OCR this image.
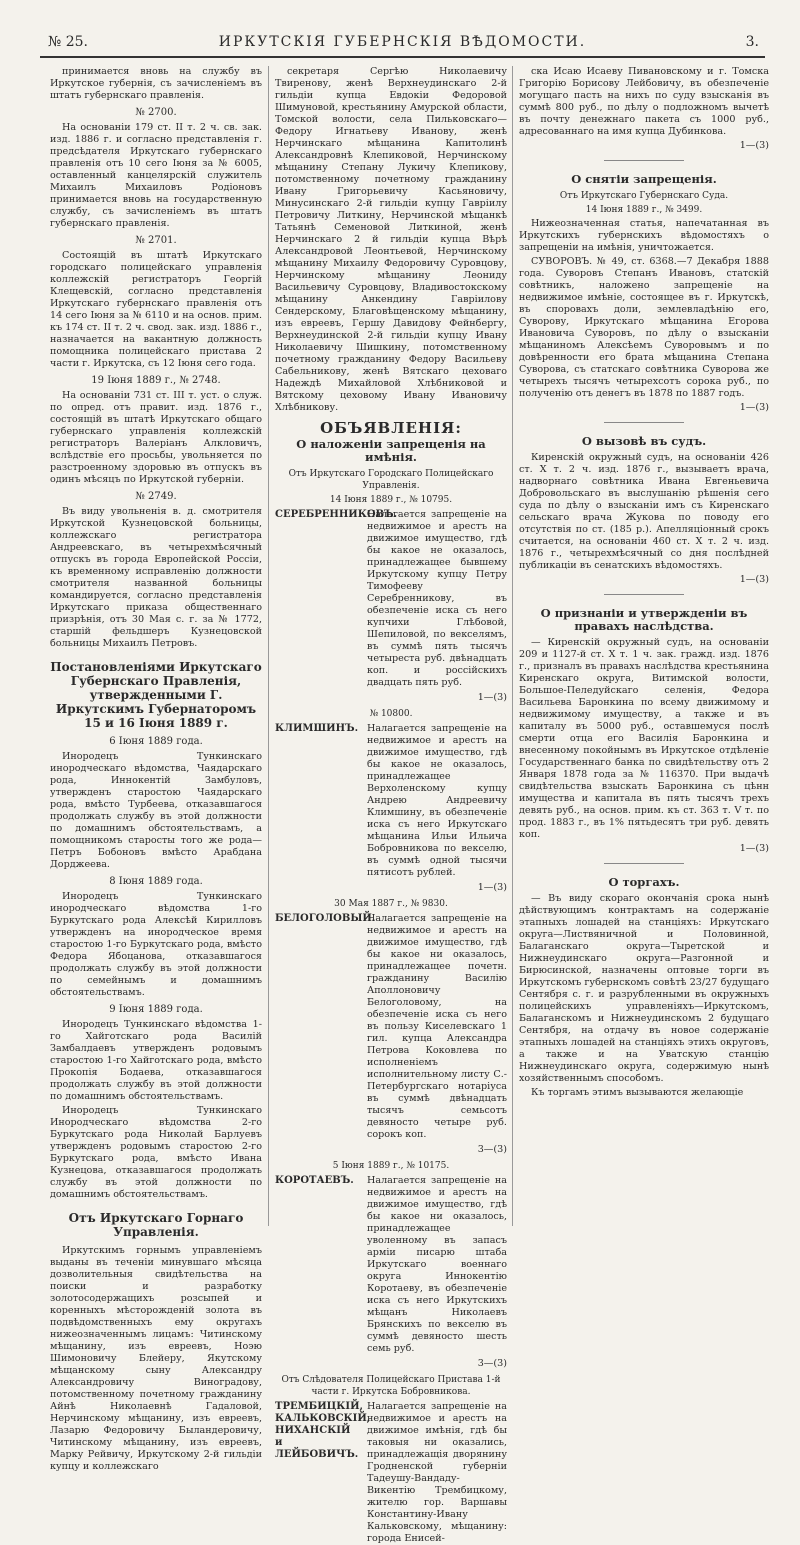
№ 25.	ИРКУТСКІЯ ГУБЕРНСКІЯ ВѢДОМОСТИ.	3.

принимается вновь на службу въ Иркутское губернiя, съ зачисленіемъ въ штатъ губернскаго правленія.

№ 2700.

На основаніи 179 ст. II т. 2 ч. св. зак. изд. 1886 г. и согласно представленія г. предсѣдателя Иркутскаго губернскаго правленія отъ 10 сего Іюня за № 6005, оставленный канцелярскій служитель Михаилъ Михаиловъ Родіоновъ принимается вновь на государственную службу, съ зачисленіемъ въ штатъ губернскаго правленія.

№ 2701.

Состоящій въ штатѣ Иркутскаго городскаго полицейскаго управленія коллежскій регистраторъ Георгій Клещевскій, согласно представленія Иркутскаго губернскаго правленія отъ 14 сего Іюня за № 6110 и на основ. прим. къ 174 ст. II т. 2 ч. свод. зак. изд. 1886 г., назначается на вакантную должность помощника полицейскаго пристава 2 части г. Иркутска, съ 12 Іюня сего года.

19 Іюня 1889 г., № 2748.

На основаніи 731 ст. III т. уст. о служ. по опред. отъ правит. изд. 1876 г., состоящій въ штатѣ Иркутскаго общаго губернскаго управленія коллежскій регистраторъ Валеріанъ Алкловичъ, вслѣдствіе его просьбы, увольняется по разстроенному здоровью въ отпускъ въ одинъ мѣсяцъ по Иркутской губерніи.

№ 2749.

Въ виду увольненія в. д. смотрителя Иркутской Кузнецовской больницы, коллежскаго регистратора Андреевскаго, въ четырехмѣсячный отпускъ въ города Европейской Россіи, къ временному исправленію должности смотрителя названной больницы командируется, согласно представленія Иркутскаго приказа общественнаго призрѣнія, отъ 30 Мая с. г. за № 1772, старшій фельдшеръ Кузнецовской больницы Михаилъ Петровъ.

Постановленіями Иркутскаго Губернскаго Правленія, утвержденными Г. Иркутскимъ Губернаторомъ 15 и 16 Іюня 1889 г.
6 Іюня 1889 года.

Инородецъ Тункинскаго инородческаго вѣдомства, Чаядарскаго рода, Иннокентій Замбуловъ, утвержденъ старостою Чаядарскаго рода, вмѣсто Турбеева, отказавшагося продолжать службу въ этой должности по домашнимъ обстоятельствамъ, а помощникомъ старосты того же рода—Петръ Бобоновъ вмѣсто Арабдана Дорджеева.

8 Іюня 1889 года.

Инородецъ Тункинскаго инородческаго вѣдомства 1-го Буркутскаго рода Алексѣй Кирилловъ утвержденъ на инородческое время старостою 1-го Буркутскаго рода, вмѣсто Федора Ябоцанова, отказавшагося продолжать службу въ этой должности по семейнымъ и домашнимъ обстоятельствамъ.

9 Іюня 1889 года.

Инородецъ Тункинскаго вѣдомства 1-го Хайготскаго рода Василій Замбалдаевъ утвержденъ родовымъ старостою 1-го Хайготскаго рода, вмѣсто Прокопія Бодаева, отказавшагося продолжать службу въ этой должности по домашнимъ обстоятельствамъ.

Инородецъ Тункинскаго Инородческаго вѣдомства 2-го Буркутскаго рода Николай Барлуевъ утвержденъ родовымъ старостою 2-го Буркутскаго рода, вмѣсто Ивана Кузнецова, отказавшагося продолжать службу въ этой должности по домашнимъ обстоятельствамъ.

Отъ Иркутскаго Горнаго Управленія.

Иркутскимъ горнымъ управленіемъ выданы въ теченіи минувшаго мѣсяца дозволительныя свидѣтельства на поиски и разработку золотосодержащихъ розсыпей и коренныхъ мѣсторожденій золота въ подвѣдомственныхъ ему округахъ нижеозначеннымъ лицамъ: Читинскому мѣщанину, изъ евреевъ, Ноэю Шимоновичу Блейеру, Якутскому мѣщанскому сыну Александру Александровичу Виноградову, потомственному почетному гражданину Айнѣ Николаевнѣ Гадаловой, Нерчинскому мѣщанину, изъ евреевъ, Лазарю Федоровичу Быландеровичу, Читинскому мѣщанину, изъ евреевъ, Марку Рейвичу, Иркутскому 2-й гильдіи купцу и коллежскаго

секретаря Сергѣю Николаевичу Твиренову, женѣ Верхнеудинскаго 2-й гильдіи купца Евдокіи Федоровой Шимуновой, крестьянину Амурской области, Томской волости, села Пильковскаго—Федору Игнатьеву Иванову, женѣ Нерчинскаго мѣщанина Капитолинѣ Александровнѣ Клепиковой, Нерчинскому мѣщанину Степану Лукичу Клепикову, потомственному почетному гражданину Ивану Григорьевичу Касьяновичу, Минусинскаго 2-й гильдіи купцу Гавріилу Петровичу Литкину, Нерчинской мѣщанкѣ Татьянѣ Семеновой Литкиной, женѣ Нерчинскаго 2 й гильдіи купца Вѣрѣ Александровой Леонтьевой, Нерчинскому мѣщанину Михаилу Федоровичу Суровцову, Нерчинскому мѣщанину Леониду Васильевичу Суровцову, Владивостокскому мѣщанину Анкендину Гавріилову Сендерскому, Благовѣщенскому мѣщанину, изъ евреевъ, Гершу Давидову Фейнбергу, Верхнеудинской 2-й гильдіи купцу Ивану Николаевичу Шишкину, потомственному почетному гражданину Федору Васильеву Сабельникову, женѣ Вятскаго цеховаго Надеждѣ Михайловой Хлѣбниковой и Вятскому цеховому Ивану Ивановичу Хлѣбникову.

ОБЪЯВЛЕНІЯ:
О наложеніи запрещенія на имѣнія.
Отъ Иркутскаго Городскаго Полицейскаго Управленія.
14 Іюня 1889 г., № 10795.
СЕРЕБРЕННИКОВЪ.
Налагается запрещеніе на недвижимое и арестъ на движимое имущество, гдѣ бы какое не оказалось, принадлежащее бывшему Иркутскому купцу Петру Тимофееву Серебренникову, въ обезпеченіе иска съ него купчихи Глѣбовой, Шепиловой, по векселямъ, въ суммѣ пять тысячъ четыреста руб. двѣнадцать коп. и россійскихъ двадцать пять руб.
1—(3)
№ 10800.
КЛИМШИНЪ. Налагается запрещеніе на недвижимое и арестъ на движимое имущество, гдѣ бы какое не оказалось, принадлежащее Верхоленскому купцу Андрею Андреевичу Климшину, въ обезпеченіе иска съ него Иркутскаго мѣщанина Ильи Ильича Бобровникова по векселю, въ суммѣ одной тысячи пятисотъ рублей.
1—(3)
30 Мая 1887 г., № 9830.
БЕЛОГОЛОВЫЙ.
Налагается запрещеніе на недвижимое и арестъ на движимое имущество, гдѣ бы какое ни оказалось, принадлежащее почетн. гражданину Василію Аполлоновичу Белоголовому, на обезпеченіе иска съ него въ пользу Киселевскаго 1 гил. купца Александра Петрова Коковлева по исполненіемъ исполнительному листу С.-Петербургскаго нотаріуса въ суммѣ двѣнадцать тысячъ семьсотъ девяносто четыре руб. сорокъ коп.
3—(3)
5 Іюня 1889 г., № 10175.
КОРОТАЕВЪ.	Налагается запрещеніе на недвижимое и арестъ на движимое имущество, гдѣ бы какое ни оказалось, принадлежащее уволенному въ запасъ арміи писарю штаба Иркутскаго военнаго округа Иннокентію Коротаеву, въ обезпеченіе иска съ него Иркутскихъ мѣщанъ Николаевъ Брянскихъ по векселю въ суммѣ девяносто шесть семь руб.
3—(3)
Отъ Слѣдователя Полицейскаго Пристава 1-й части г. Иркутска Бобровникова.
ТРЕМБИЦКІЙ, КАЛЬКОВСКІЙ, НИХАНСКІЙ и ЛЕЙБОВИЧЪ.
Налагается запрещеніе на недвижимое и арестъ на движимое имѣнія, гдѣ бы таковыя ни оказались, принадлежащія дворянину Гродненской губерніи Тадеушу-Вандаду-Викентію Трембицкому, жителю гор. Варшавы Константину-Ивану Кальковскому, мѣщанину: города Енисей-

ска Исаю Исаеву Пивановскому и г. Томска Григорію Борисову Лейбовичу, въ обезпеченіе могущаго пасть на нихъ по суду взысканія въ суммѣ 800 руб., по дѣлу о подложномъ вычетѣ въ почту денежнаго пакета съ 1000 руб., адресованнаго на имя купца Дубинкова.

1—(3)
О снятіи запрещенія.
Отъ Иркутскаго Губернскаго Суда.
14 Іюня 1889 г., № 3499.

Нижеозначенная статья, напечатанная въ Иркутскихъ губернскихъ вѣдомостяхъ о запрещеніи на имѣнія, уничтожается.

СУВОРОВЪ. № 49, ст. 6368.—7 Декабря 1888 года. Суворовъ Степанъ Ивановъ, статскій совѣтникъ, наложено запрещеніе на недвижимое имѣніе, состоящее въ г. Иркутскѣ, въ споровахъ доли, землевладѣнію его, Суворову, Иркутскаго мѣщанина Егорова Ивановича Суворовъ, по дѣлу о взысканіи мѣщаниномъ Алексѣемъ Суворовымъ и по довѣренности его брата мѣщанина Степана Суворова, съ статскаго совѣтника Суворова же четырехъ тысячъ четырехсотъ сорока руб., по полученію отъ денегъ въ 1878 по 1887 годъ.

1—(3)
О вызовѣ въ судъ.

Киренскій окружный судъ, на основаніи 426 ст. X т. 2 ч. изд. 1876 г., вызываетъ врача, надворнаго совѣтника Ивана Евгеньевича Добровольскаго въ выслушанію рѣшенія сего суда по дѣлу о взысканіи имъ съ Киренскаго сельскаго врача Жукова по поводу его отсутствія по ст. (185 р.). Апелляціонный срокъ считается, на основаніи 460 ст. X т. 2 ч. изд. 1876 г., четырехмѣсячный со дня послѣдней публикаціи въ сенатскихъ вѣдомостяхъ.

1—(3)
О признаніи и утвержденіи въ правахъ наслѣдства.

— Киренскій окружный судъ, на основаніи 209 и 1127-й ст. X т. 1 ч. зак. гражд. изд. 1876 г., призналъ въ правахъ наслѣдства крестьянина Киренскаго округа, Витимской волости, Большое-Пеледуйскаго селенія, Федора Васильева Баронкина по всему движимому и недвижимому имуществу, а также и въ капиталу въ 5000 руб., оставшемуся послѣ смерти отца его Василія Баронкина и внесенному покойнымъ въ Иркутское отдѣленіе Государственнаго банка по свидѣтельству отъ 2 Января 1878 года за № 116370. При выдачѣ свидѣтельства взыскать Баронкина съ цѣнн имущества и капитала въ пять тысячъ трехъ девять руб., на основ. прим. къ ст. 363 т. V т. по прод. 1883 г., въ 1% пятьдесятъ три руб. девять коп.

1—(3)
О торгахъ.

— Въ виду скораго окончанія срока нынѣ дѣйствующимъ контрактамъ на содержаніе этапныхъ лошадей на станціяхъ: Иркутскаго округа—Листвяничной и Половинной, Балаганскаго округа—Тыретской и Нижнеудинскаго округа—Разгонной и Бирюсинской, назначены оптовые торги въ Иркутскомъ губернскомъ совѣтѣ 23/27 будущаго Сентября с. г. и разрубленными въ окружныхъ полицейскихъ управленіяхъ—Иркутскомъ, Балаганскомъ и Нижнеудинскомъ 2 будущаго Сентября, на отдачу въ новое содержаніе этапныхъ лошадей на станціяхъ этихъ округовъ, а также и на Уватскую станцію Нижнеудинскаго округа, содержимую нынѣ хозяйственнымъ способомъ.

Къ торгамъ этимъ вызываются желающіе
